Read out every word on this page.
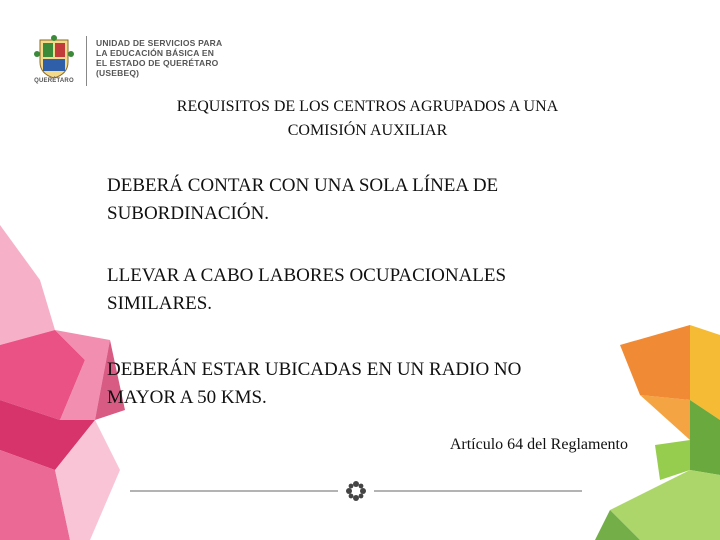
QUERÉTARO
UNIDAD DE SERVICIOS PARA
LA EDUCACIÓN BÁSICA EN
EL ESTADO DE QUERÉTARO
(USEBEQ)
REQUISITOS DE LOS CENTROS AGRUPADOS A UNA
COMISIÓN AUXILIAR
DEBERÁ CONTAR CON UNA SOLA LÍNEA DE
SUBORDINACIÓN.
LLEVAR A CABO LABORES OCUPACIONALES
SIMILARES.
DEBERÁN ESTAR UBICADAS EN UN RADIO NO
MAYOR A 50 KMS.
Artículo 64 del Reglamento
